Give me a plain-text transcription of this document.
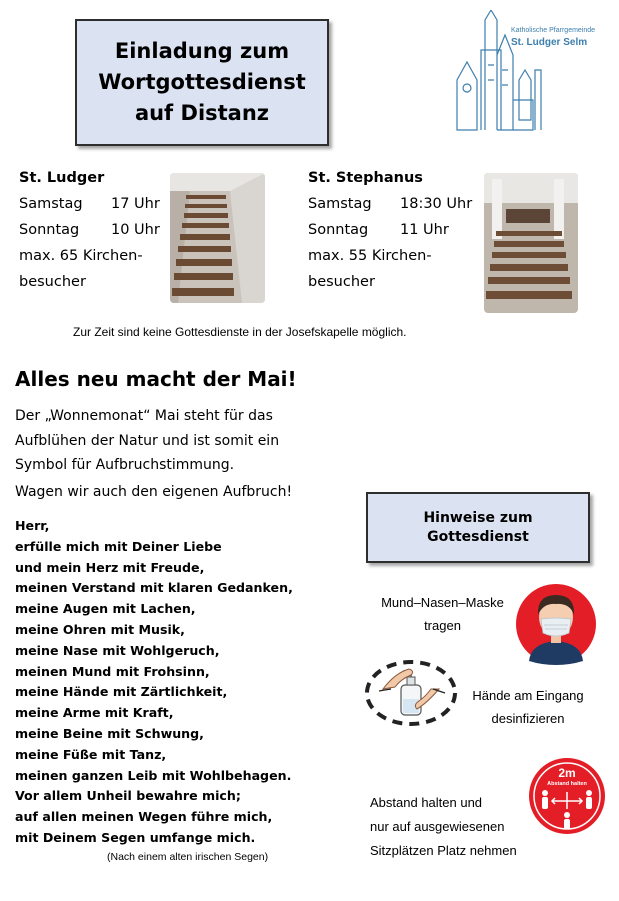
Einladung zum
Wortgottesdienst
auf Distanz
Katholische Pfarrgemeinde
St. Ludger Selm
St. Ludger
Samstag 17 Uhr
Sonntag 10 Uhr
max. 65 Kirchen-
besucher
St. Stephanus
Samstag 18:30 Uhr
Sonntag 11 Uhr
max. 55 Kirchen-
besucher
Zur Zeit sind keine Gottesdienste in der Josefskapelle möglich.
Alles neu macht der Mai!
Der „Wonnemonat“ Mai steht für das
Aufblühen der Natur und ist somit ein
Symbol für Aufbruchstimmung.
Wagen wir auch den eigenen Aufbruch!
Herr,
erfülle mich mit Deiner Liebe
und mein Herz mit Freude,
meinen Verstand mit klaren Gedanken,
meine Augen mit Lachen,
meine Ohren mit Musik,
meine Nase mit Wohlgeruch,
meinen Mund mit Frohsinn,
meine Hände mit Zärtlichkeit,
meine Arme mit Kraft,
meine Beine mit Schwung,
meine Füße mit Tanz,
meinen ganzen Leib mit Wohlbehagen.
Vor allem Unheil bewahre mich;
auf allen meinen Wegen führe mich,
mit Deinem Segen umfange mich.
(Nach einem alten irischen Segen)
Hinweise zum
Gottesdienst
Mund–Nasen–Maske
tragen
Hände am Eingang
desinfizieren
Abstand halten und
nur auf ausgewiesenen
Sitzplätzen Platz nehmen
2m
Abstand halten
